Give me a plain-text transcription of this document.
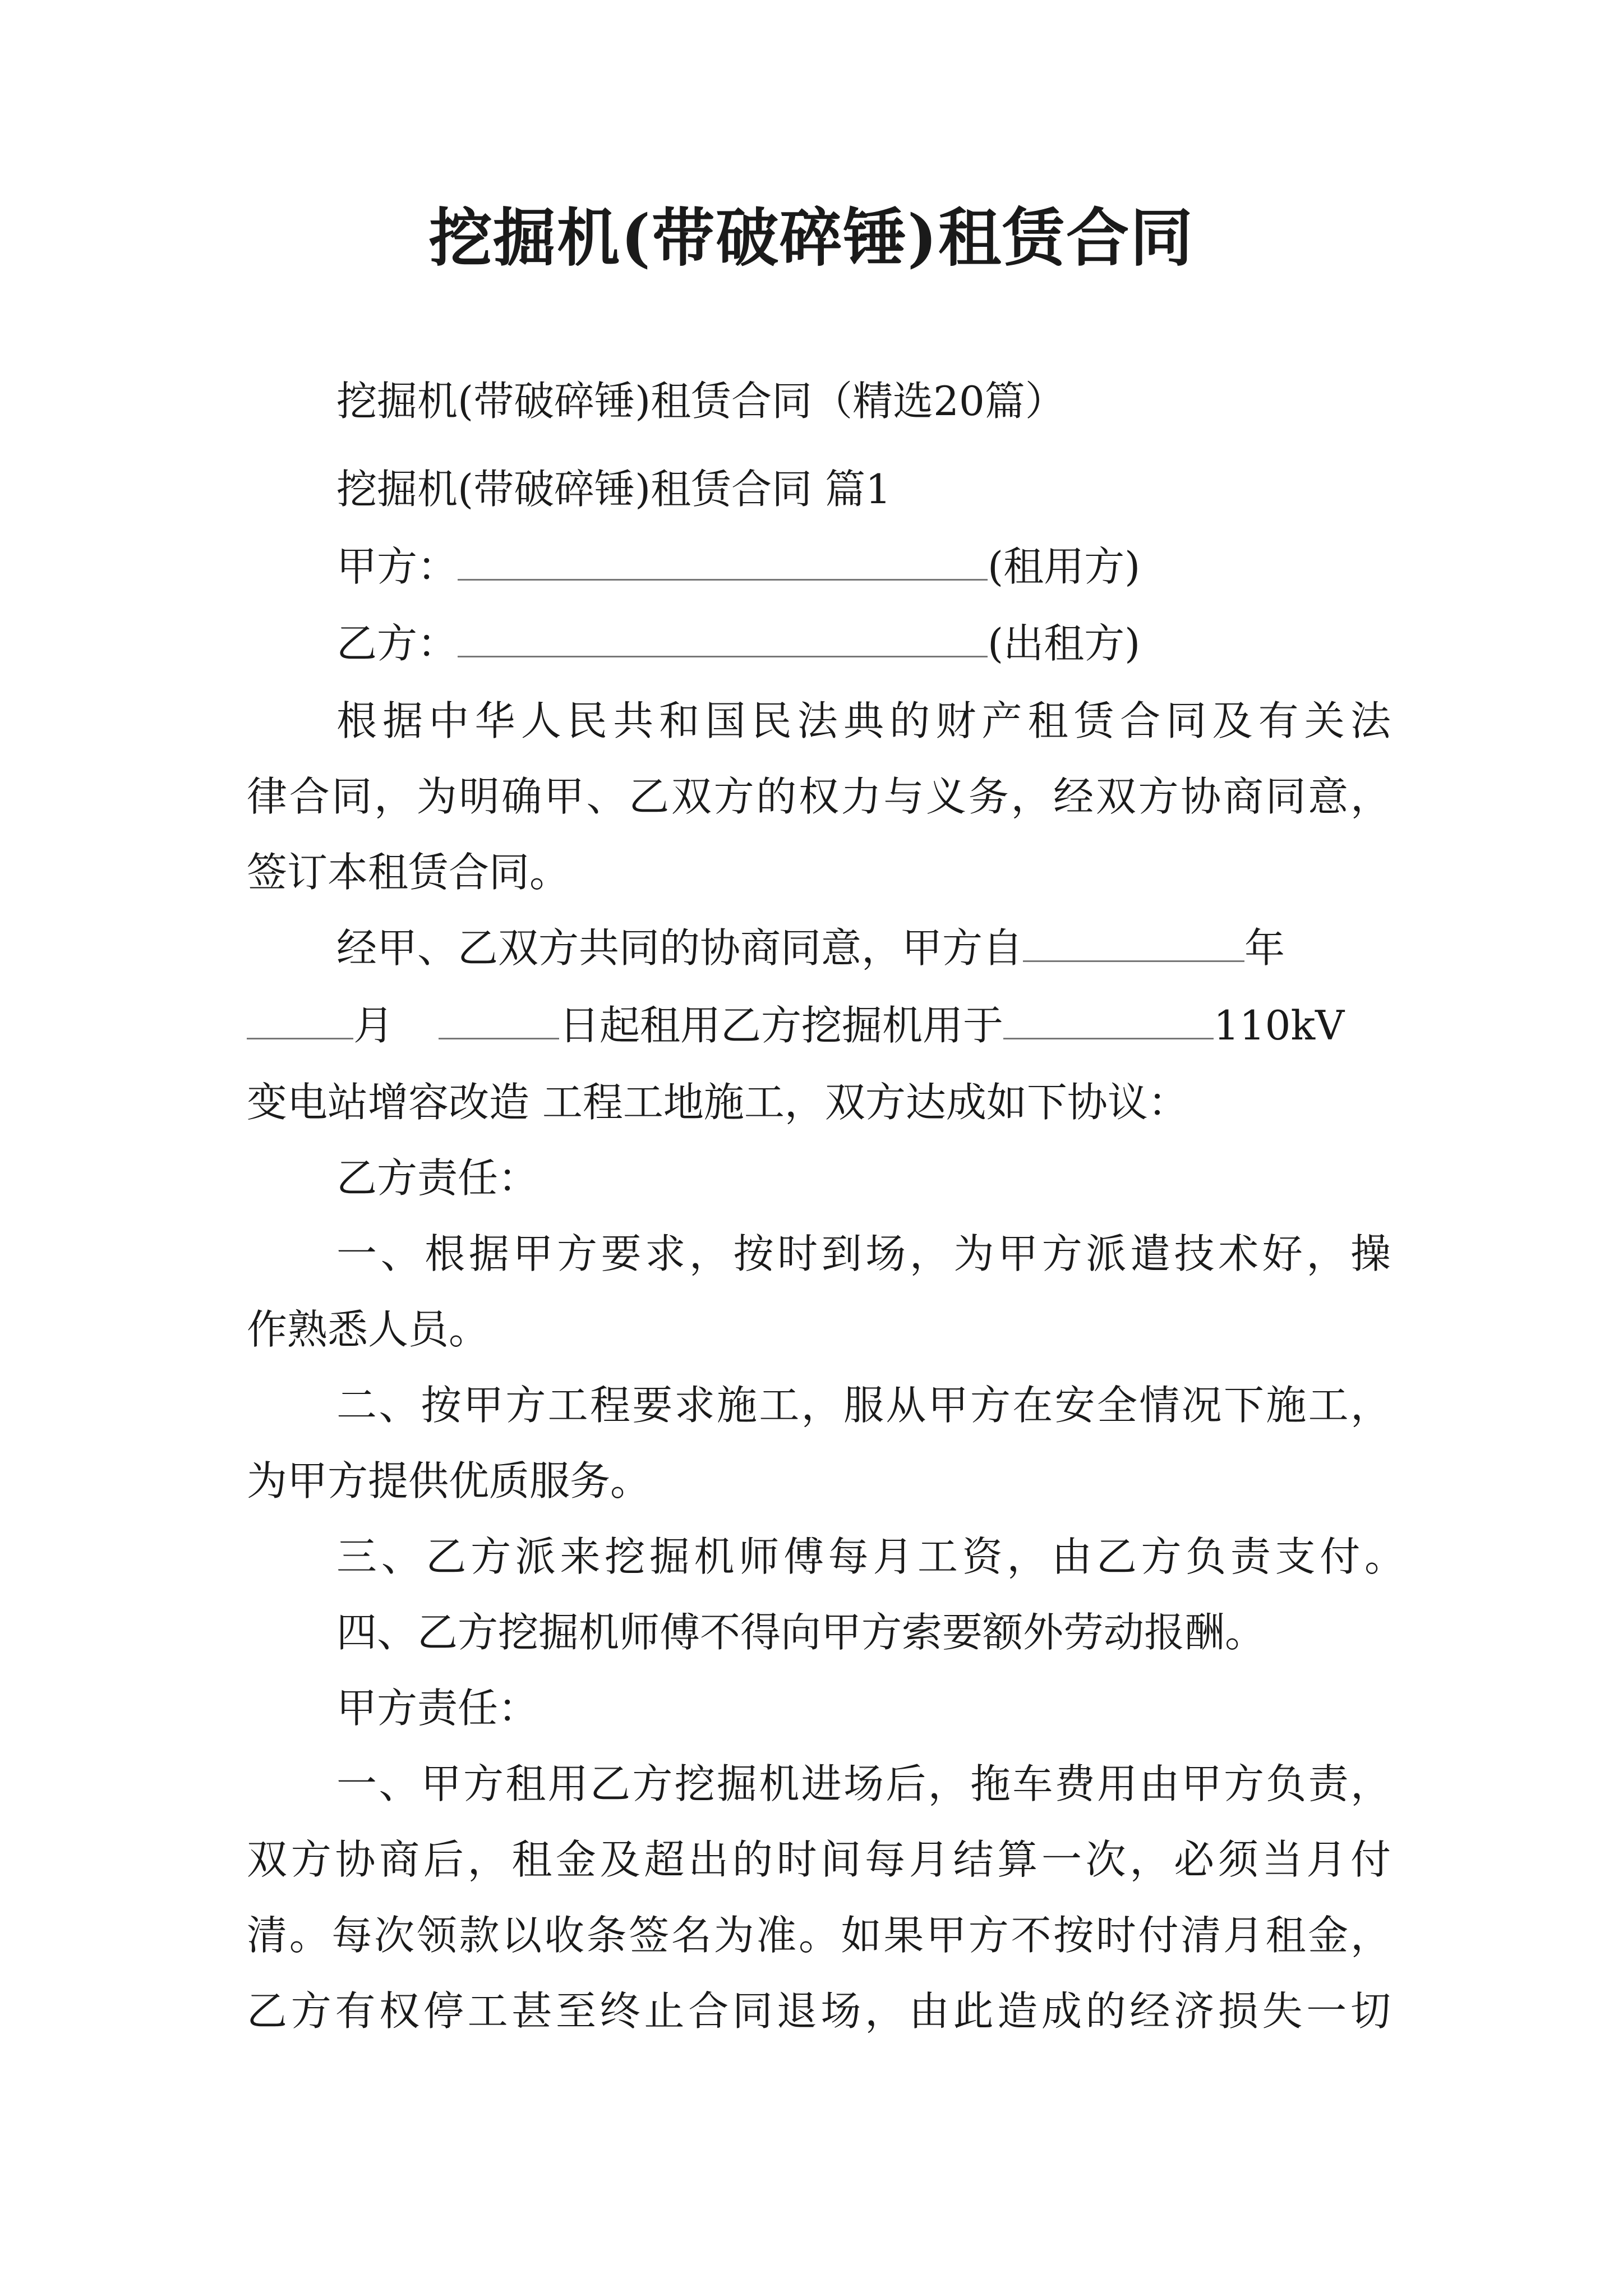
挖掘机(带破碎锤)租赁合同

挖掘机(带破碎锤)租赁合同（精选20篇）

挖掘机(带破碎锤)租赁合同 篇1

甲方：	(租用方)

乙方：	(出租方)

根据中华人民共和国民法典的财产租赁合同及有关法

律合同，为明确甲、乙双方的权力与义务，经双方协商同意，

签订本租赁合同。

经甲、乙双方共同的协商同意，甲方自	年

月	日起租用乙方挖掘机用于	110kV

变电站增容改造 工程工地施工，双方达成如下协议：

乙方责任：

一、根据甲方要求，按时到场，为甲方派遣技术好，操

作熟悉人员。

二、按甲方工程要求施工，服从甲方在安全情况下施工，

为甲方提供优质服务。

三、乙方派来挖掘机师傅每月工资，由乙方负责支付。

四、乙方挖掘机师傅不得向甲方索要额外劳动报酬。

甲方责任：

一、甲方租用乙方挖掘机进场后，拖车费用由甲方负责，

双方协商后，租金及超出的时间每月结算一次，必须当月付

清。每次领款以收条签名为准。如果甲方不按时付清月租金，

乙方有权停工甚至终止合同退场，由此造成的经济损失一切
